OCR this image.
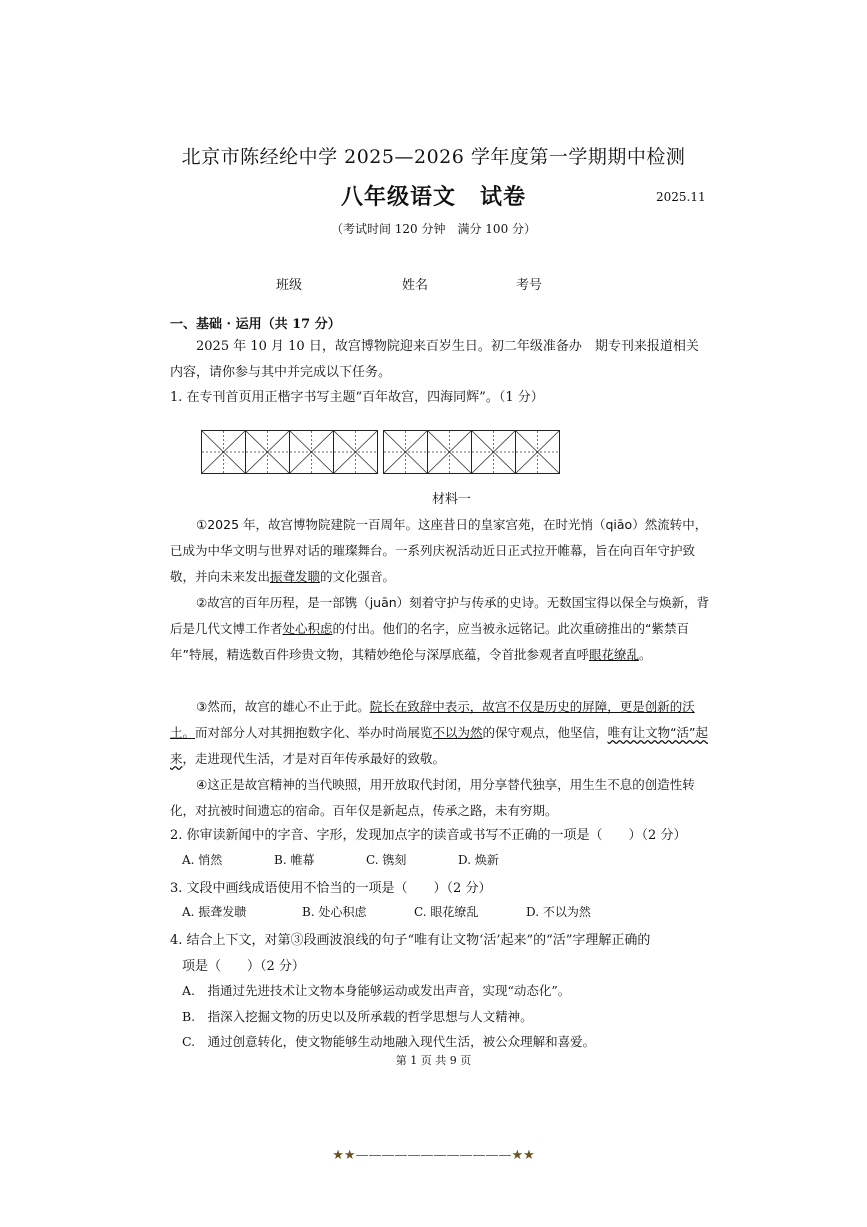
北京市陈经纶中学 2025—2026 学年度第一学期期中检测
八年级语文 试卷	2025.11
（考试时间 120 分钟　满分 100 分）
班级	姓名	考号
一、基础 · 运用（共 17 分）
2025 年 10 月 10 日，故宫博物院迎来百岁生日。初二年级准备办　期专刊来报道相关内容，请你参与其中并完成以下任务。
1. 在专刊首页用正楷字书写主题“百年故宫，四海同辉”。（1 分）
材料一
①2025 年，故宫博物院建院一百周年。这座昔日的皇家宫苑，在时光悄（qiāo）然流转中，已成为中华文明与世界对话的璀璨舞台。一系列庆祝活动近日正式拉开帷幕，旨在向百年守护致敬，并向未来发出振聋发聩的文化强音。
②故宫的百年历程，是一部镌（juān）刻着守护与传承的史诗。无数国宝得以保全与焕新，背后是几代文博工作者处心积虑的付出。他们的名字，应当被永远铭记。此次重磅推出的“紫禁百年”特展，精选数百件珍贵文物，其精妙绝伦与深厚底蕴，令首批参观者直呼眼花缭乱。
③然而，故宫的雄心不止于此。院长在致辞中表示，故宫不仅是历史的屏障，更是创新的沃土。而对部分人对其拥抱数字化、举办时尚展览不以为然的保守观点，他坚信，唯有让文物“活”起来，走进现代生活，才是对百年传承最好的致敬。
④这正是故宫精神的当代映照，用开放取代封闭，用分享替代独享，用生生不息的创造性转化，对抗被时间遗忘的宿命。百年仅是新起点，传承之路，未有穷期。
2. 你审读新闻中的字音、字形，发现加点字的读音或书写不正确的一项是（　　）（2 分）
A. 悄然	B. 帷幕	C. 镌刻	D. 焕新
3. 文段中画线成语使用不恰当的一项是（　　）（2 分）
A. 振聋发聩	B. 处心积虑	C. 眼花缭乱	D. 不以为然
4. 结合上下文，对第③段画波浪线的句子“唯有让文物‘活’起来”的“活”字理解正确的
项是（　　）（2 分）
A.　指通过先进技术让文物本身能够运动或发出声音，实现“动态化”。
B.　指深入挖掘文物的历史以及所承载的哲学思想与人文精神。
C.　通过创意转化，使文物能够生动地融入现代生活，被公众理解和喜爱。
第 1 页 共 9 页
★★————————————★★
